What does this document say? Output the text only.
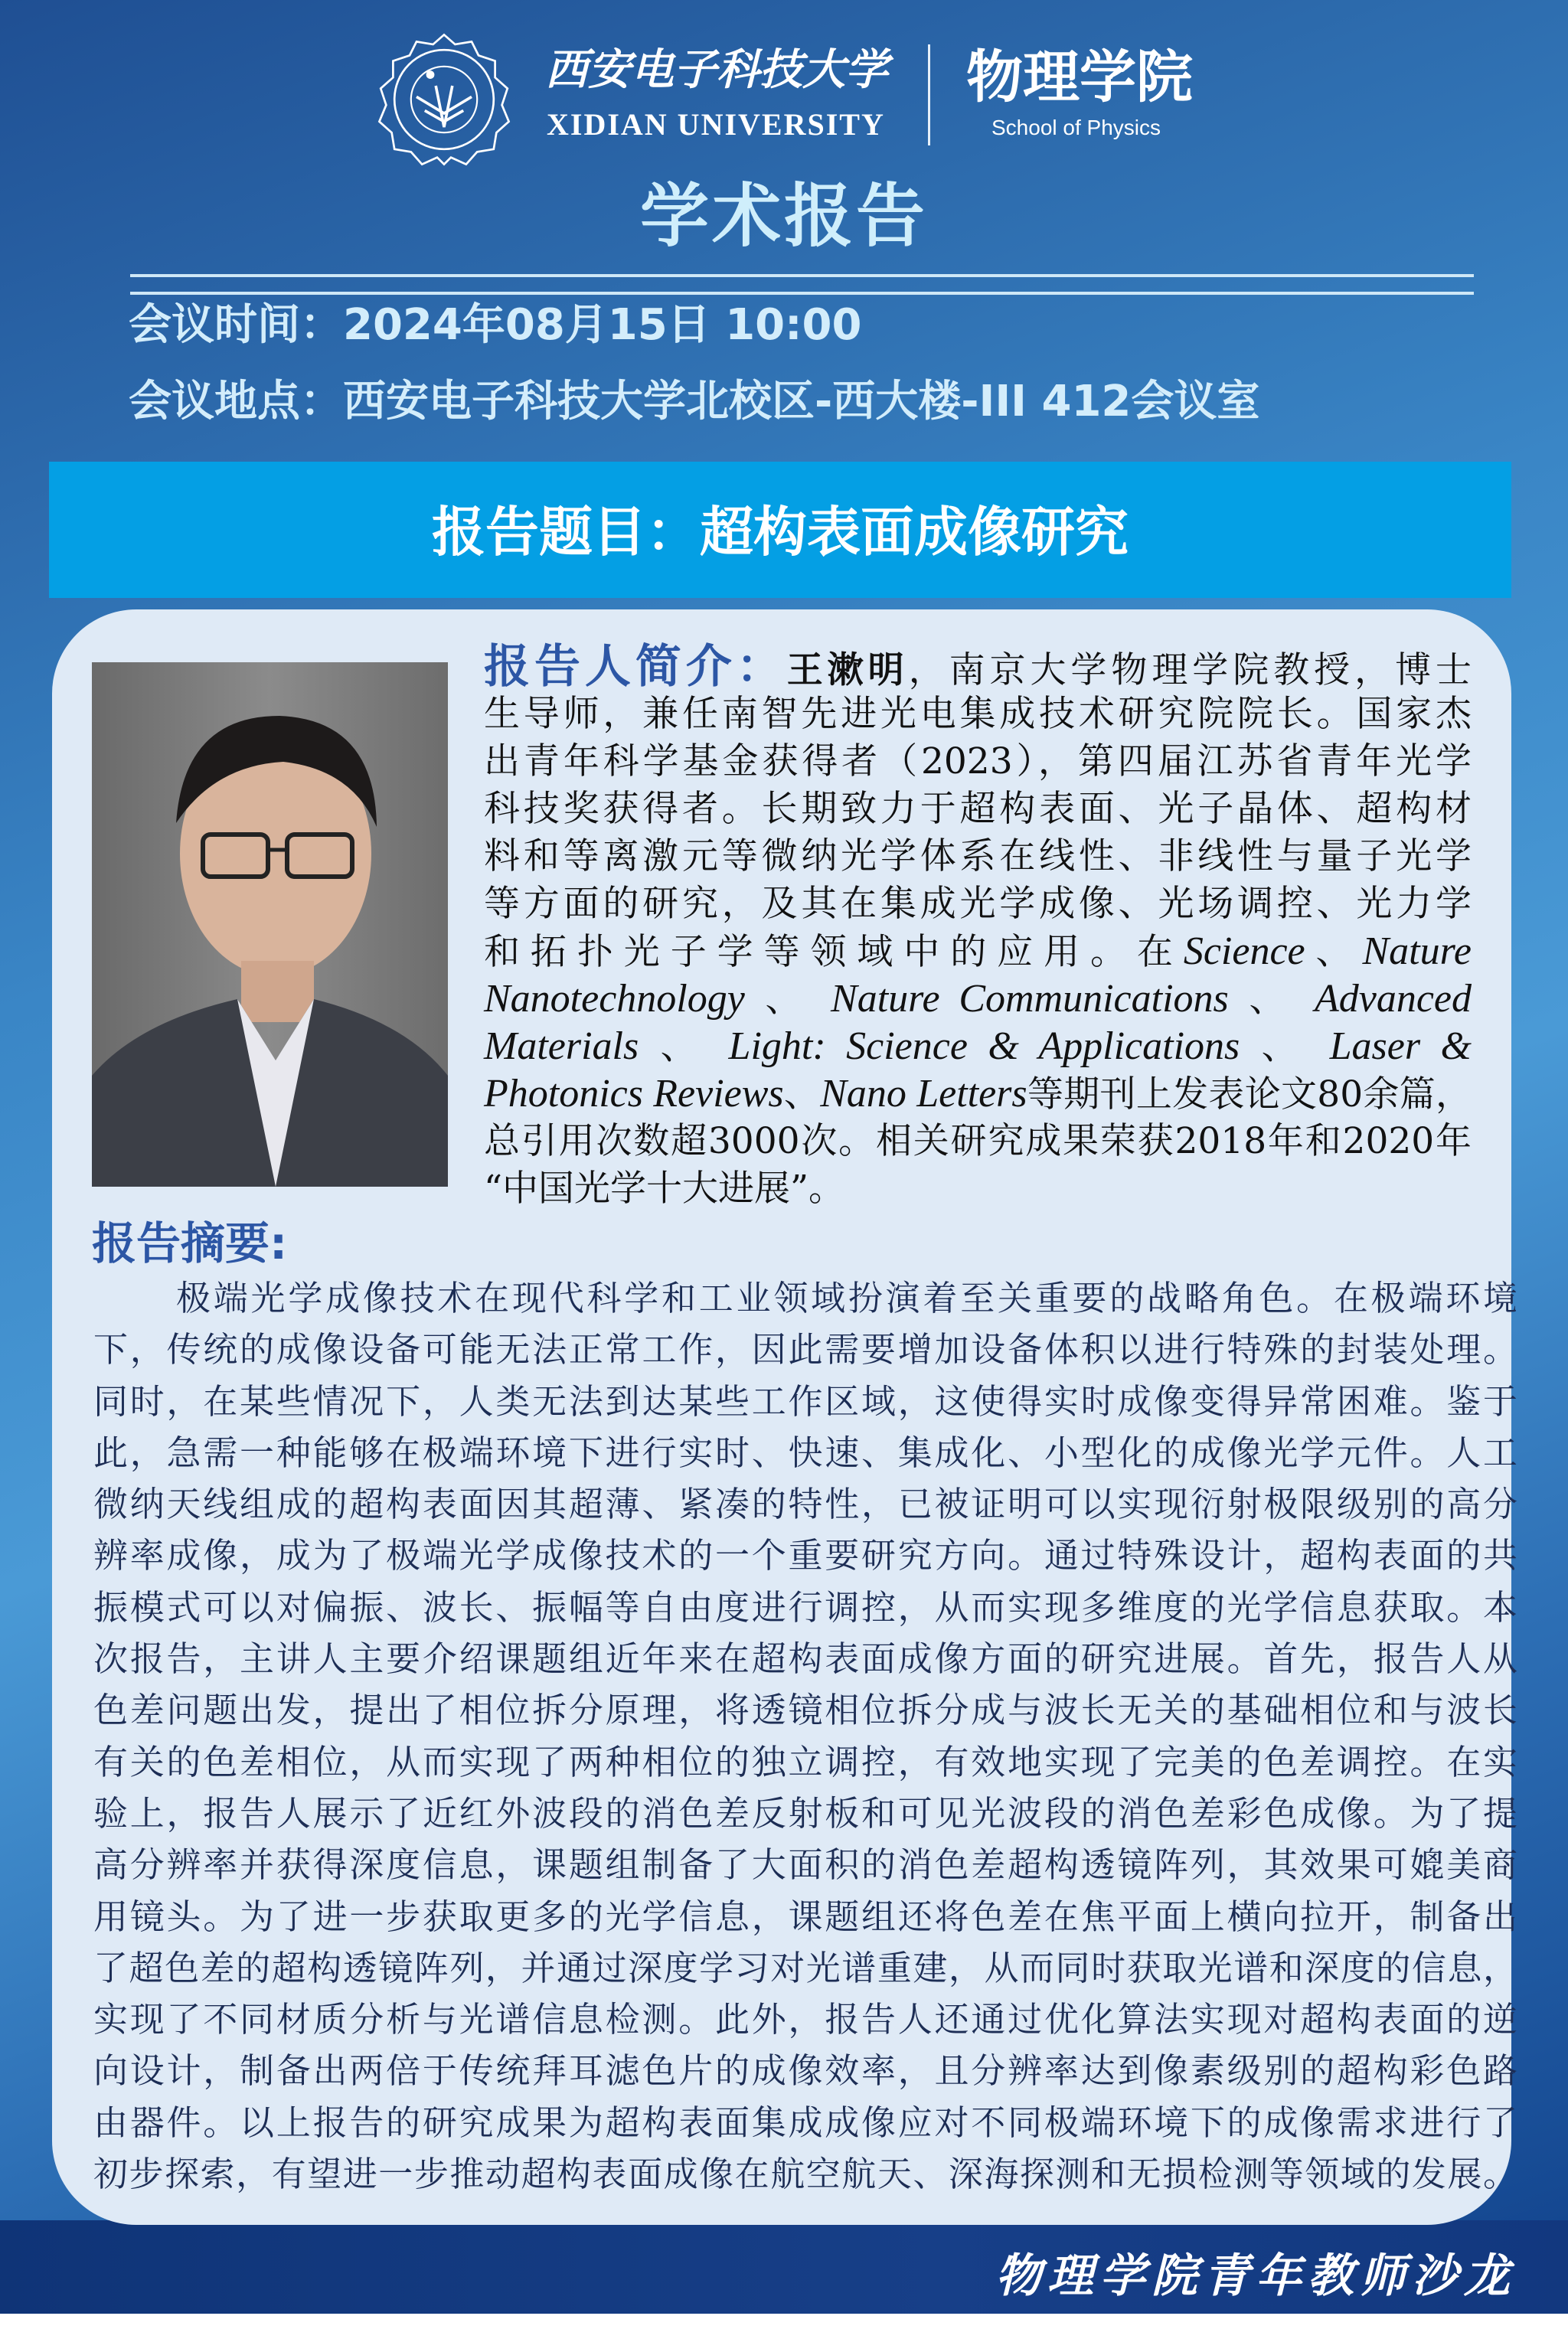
西安电子科技大学
XIDIAN UNIVERSITY
物理学院
School of Physics
学术报告
会议时间：2024年08月15日 10:00
会议地点：西安电子科技大学北校区-西大楼-III 412会议室
报告题目：超构表面成像研究
报告人简介：王漱明，南京大学物理学院教授，博士
生导师，兼任南智先进光电集成技术研究院院长。国家杰
出青年科学基金获得者（2023），第四届江苏省青年光学
科技奖获得者。长期致力于超构表面、光子晶体、超构材
料和等离激元等微纳光学体系在线性、非线性与量子光学
等方面的研究，及其在集成光学成像、光场调控、光力学
和拓扑光子学等领域中的应用。在Science、Nature
Nanotechnology 、 Nature Communications 、 Advanced
Materials 、 Light: Science & Applications 、 Laser &
Photonics Reviews、Nano Letters等期刊上发表论文80余篇，
总引用次数超3000次。相关研究成果荣获2018年和2020年
“中国光学十大进展”。
报告摘要:
极端光学成像技术在现代科学和工业领域扮演着至关重要的战略角色。在极端环境
下，传统的成像设备可能无法正常工作，因此需要增加设备体积以进行特殊的封装处理。
同时，在某些情况下，人类无法到达某些工作区域，这使得实时成像变得异常困难。鉴于
此，急需一种能够在极端环境下进行实时、快速、集成化、小型化的成像光学元件。人工
微纳天线组成的超构表面因其超薄、紧凑的特性，已被证明可以实现衍射极限级别的高分
辨率成像，成为了极端光学成像技术的一个重要研究方向。通过特殊设计，超构表面的共
振模式可以对偏振、波长、振幅等自由度进行调控，从而实现多维度的光学信息获取。本
次报告，主讲人主要介绍课题组近年来在超构表面成像方面的研究进展。首先，报告人从
色差问题出发，提出了相位拆分原理，将透镜相位拆分成与波长无关的基础相位和与波长
有关的色差相位，从而实现了两种相位的独立调控，有效地实现了完美的色差调控。在实
验上，报告人展示了近红外波段的消色差反射板和可见光波段的消色差彩色成像。为了提
高分辨率并获得深度信息，课题组制备了大面积的消色差超构透镜阵列，其效果可媲美商
用镜头。为了进一步获取更多的光学信息，课题组还将色差在焦平面上横向拉开，制备出
了超色差的超构透镜阵列，并通过深度学习对光谱重建，从而同时获取光谱和深度的信息，
实现了不同材质分析与光谱信息检测。此外，报告人还通过优化算法实现对超构表面的逆
向设计，制备出两倍于传统拜耳滤色片的成像效率，且分辨率达到像素级别的超构彩色路
由器件。以上报告的研究成果为超构表面集成成像应对不同极端环境下的成像需求进行了
初步探索，有望进一步推动超构表面成像在航空航天、深海探测和无损检测等领域的发展。
物理学院青年教师沙龙
